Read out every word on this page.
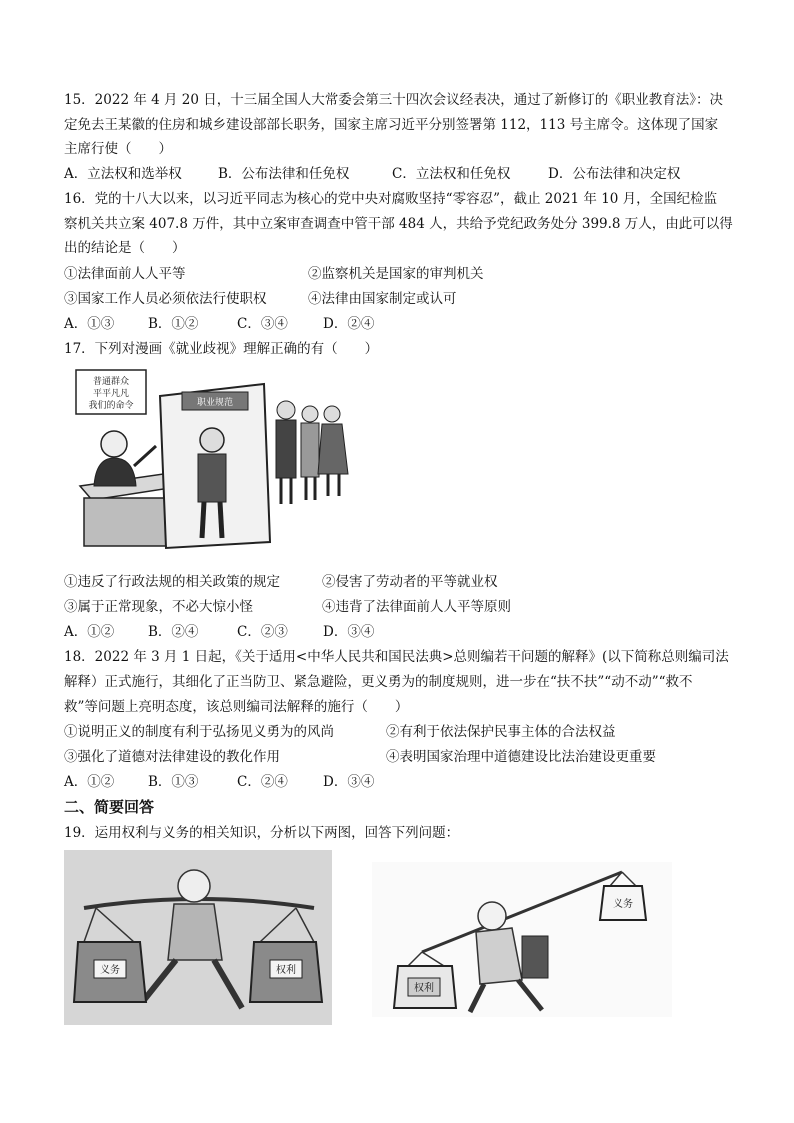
15．2022 年 4 月 20 日，十三届全国人大常委会第三十四次会议经表决，通过了新修订的《职业教育法》：决
定免去王某徽的住房和城乡建设部部长职务，国家主席习近平分别签署第 112，113 号主席令。这体现了国家
主席行使（　　）
A．立法权和选举权	B．公布法律和任免权	C．立法权和任免权	D．公布法律和决定权
16．党的十八大以来，以习近平同志为核心的党中央对腐败坚持“零容忍”，截止 2021 年 10 月，全国纪检监
察机关共立案 407.8 万件，其中立案审查调查中管干部 484 人，共给予党纪政务处分 399.8 万人，由此可以得
出的结论是（　　）
①法律面前人人平等	②监察机关是国家的审判机关
③国家工作人员必须依法行使职权	④法律由国家制定或认可
A．①③	B．①②	C．③④	D．②④
17．下列对漫画《就业歧视》理解正确的有（　　）
普通群众
平平凡凡
我们的命令	职业规范
①违反了行政法规的相关政策的规定	②侵害了劳动者的平等就业权
③属于正常现象，不必大惊小怪	④违背了法律面前人人平等原则
A．①②	B．②④	C．②③	D．③④
18．2022 年 3 月 1 日起，《关于适用<中华人民共和国民法典>总则编若干问题的解释》(以下简称总则编司法
解释）正式施行，其细化了正当防卫、紧急避险，更义勇为的制度规则，进一步在“扶不扶”“动不动”“救不
救”等问题上亮明态度，该总则编司法解释的施行（　　）
①说明正义的制度有利于弘扬见义勇为的风尚	②有利于依法保护民事主体的合法权益
③强化了道德对法律建设的教化作用	④表明国家治理中道德建设比法治建设更重要
A．①②	B．①③	C．②④	D．③④
二、简要回答
19．运用权利与义务的相关知识，分析以下两图，回答下列问题：
义务	权利
权利
义务
